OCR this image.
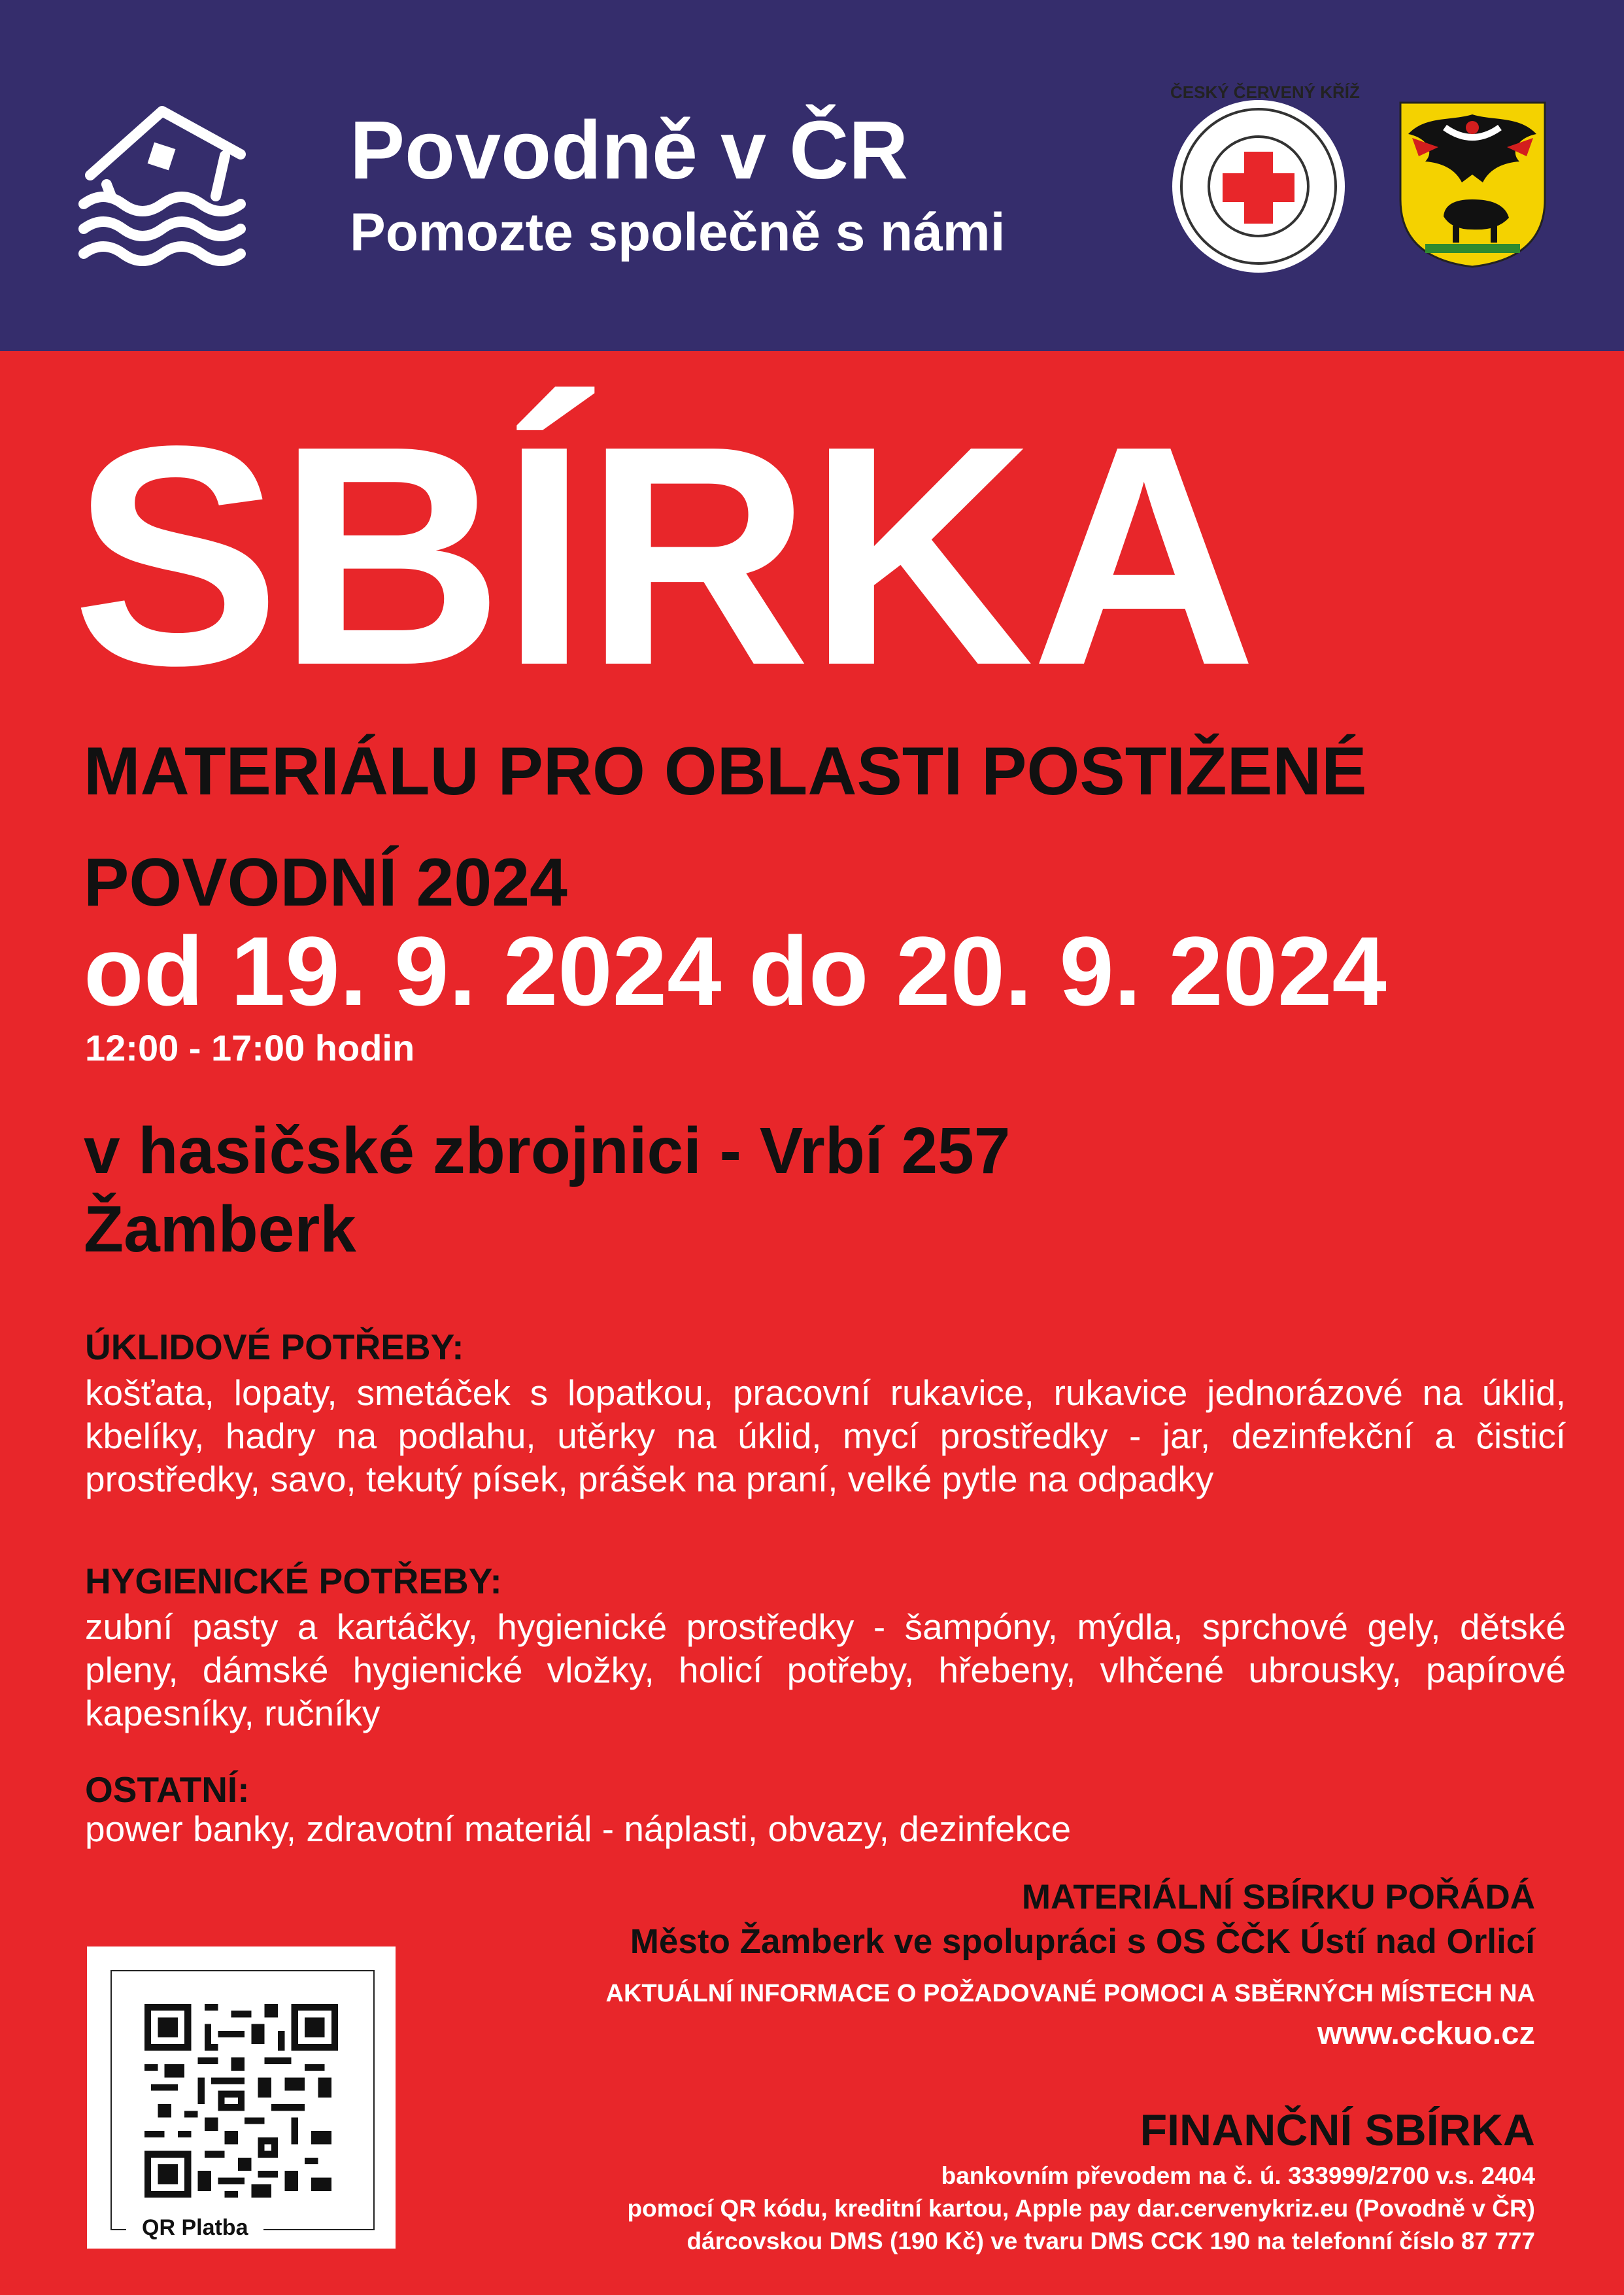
Povodně v ČR
Pomozte společně s námi
ČESKÝ ČERVENÝ KŘÍŽ
SBÍRKA
MATERIÁLU PRO OBLASTI POSTIŽENÉ
POVODNÍ 2024
od 19. 9. 2024 do 20. 9. 2024
12:00 - 17:00 hodin
v hasičské zbrojnici - Vrbí 257
Žamberk
ÚKLIDOVÉ POTŘEBY:
košťata, lopaty, smetáček s lopatkou, pracovní rukavice, rukavice jednorázové na úklid, kbelíky, hadry na podlahu, utěrky na úklid, mycí prostředky - jar, dezinfekční a čisticí prostředky, savo, tekutý písek, prášek na praní, velké pytle na odpadky
HYGIENICKÉ POTŘEBY:
zubní pasty a kartáčky, hygienické prostředky - šampóny, mýdla, sprchové gely, dětské pleny, dámské hygienické vložky, holicí potřeby, hřebeny, vlhčené ubrousky, papírové kapesníky, ručníky
OSTATNÍ:
power banky, zdravotní materiál - náplasti, obvazy, dezinfekce
QR Platba
MATERIÁLNÍ SBÍRKU POŘÁDÁ
Město Žamberk ve spolupráci s OS ČČK Ústí nad Orlicí
AKTUÁLNÍ INFORMACE O POŽADOVANÉ POMOCI A SBĚRNÝCH MÍSTECH NA
www.cckuo.cz
FINANČNÍ SBÍRKA
bankovním převodem na č. ú. 333999/2700 v.s. 2404
pomocí QR kódu, kreditní kartou, Apple pay dar.cervenykriz.eu (Povodně v ČR)
dárcovskou DMS (190 Kč) ve tvaru DMS CCK 190 na telefonní číslo 87 777
